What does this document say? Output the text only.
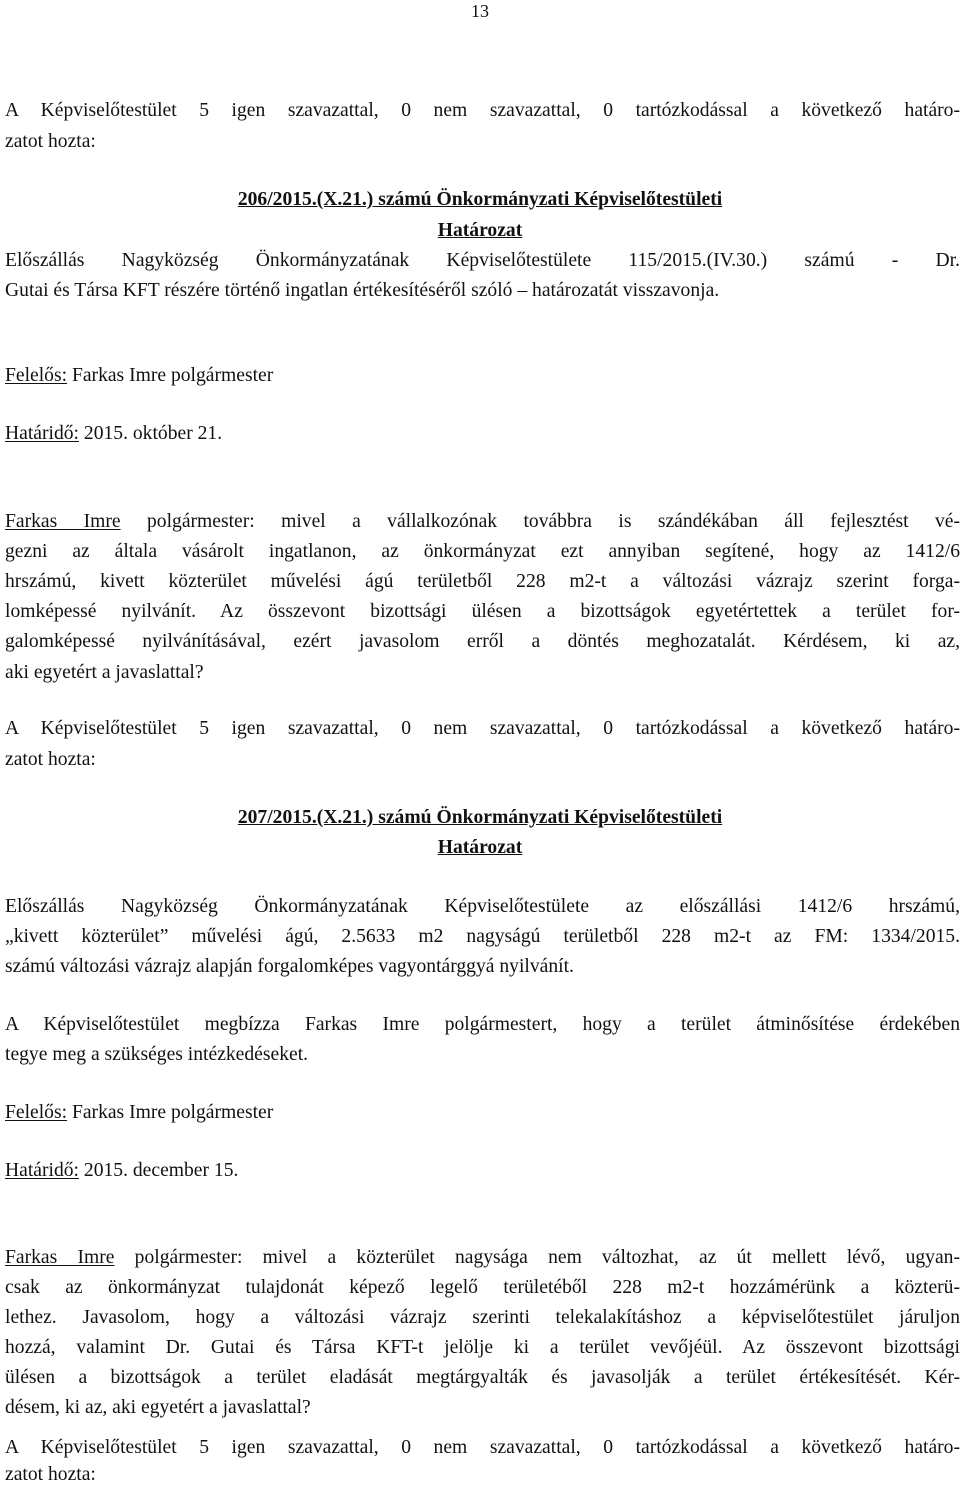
13
A Képviselőtestület 5 igen szavazattal, 0 nem szavazattal, 0 tartózkodással a következő határo-
zatot hozta:
206/2015.(X.21.) számú Önkormányzati Képviselőtestületi
Határozat
Előszállás Nagyközség Önkormányzatának Képviselőtestülete 115/2015.(IV.30.) számú - Dr.
Gutai és Társa KFT részére történő ingatlan értékesítéséről szóló – határozatát visszavonja.
Felelős: Farkas Imre polgármester
Határidő: 2015. október 21.
Farkas Imre polgármester: mivel a vállalkozónak továbbra is szándékában áll fejlesztést vé-
gezni az általa vásárolt ingatlanon, az önkormányzat ezt annyiban segítené, hogy az 1412/6
hrszámú, kivett közterület művelési ágú területből 228 m2-t a változási vázrajz szerint forga-
lomképessé nyilvánít. Az összevont bizottsági ülésen a bizottságok egyetértettek a terület for-
galomképessé nyilvánításával, ezért javasolom erről a döntés meghozatalát. Kérdésem, ki az,
aki egyetért a javaslattal?
A Képviselőtestület 5 igen szavazattal, 0 nem szavazattal, 0 tartózkodással a következő határo-
zatot hozta:
207/2015.(X.21.) számú Önkormányzati Képviselőtestületi
Határozat
Előszállás Nagyközség Önkormányzatának Képviselőtestülete az előszállási 1412/6 hrszámú,
„kivett közterület” művelési ágú, 2.5633 m2 nagyságú területből 228 m2-t az FM: 1334/2015.
számú változási vázrajz alapján forgalomképes vagyontárggyá nyilvánít.
A Képviselőtestület megbízza Farkas Imre polgármestert, hogy a terület átminősítése érdekében
tegye meg a szükséges intézkedéseket.
Felelős: Farkas Imre polgármester
Határidő: 2015. december 15.
Farkas Imre polgármester: mivel a közterület nagysága nem változhat, az út mellett lévő, ugyan-
csak az önkormányzat tulajdonát képező legelő területéből 228 m2-t hozzámérünk a közterü-
lethez. Javasolom, hogy a változási vázrajz szerinti telekalakításhoz a képviselőtestület járuljon
hozzá, valamint Dr. Gutai és Társa KFT-t jelölje ki a terület vevőjéül. Az összevont bizottsági
ülésen a bizottságok a terület eladását megtárgyalták és javasolják a terület értékesítését. Kér-
désem, ki az, aki egyetért a javaslattal?
A Képviselőtestület 5 igen szavazattal, 0 nem szavazattal, 0 tartózkodással a következő határo-
zatot hozta:
